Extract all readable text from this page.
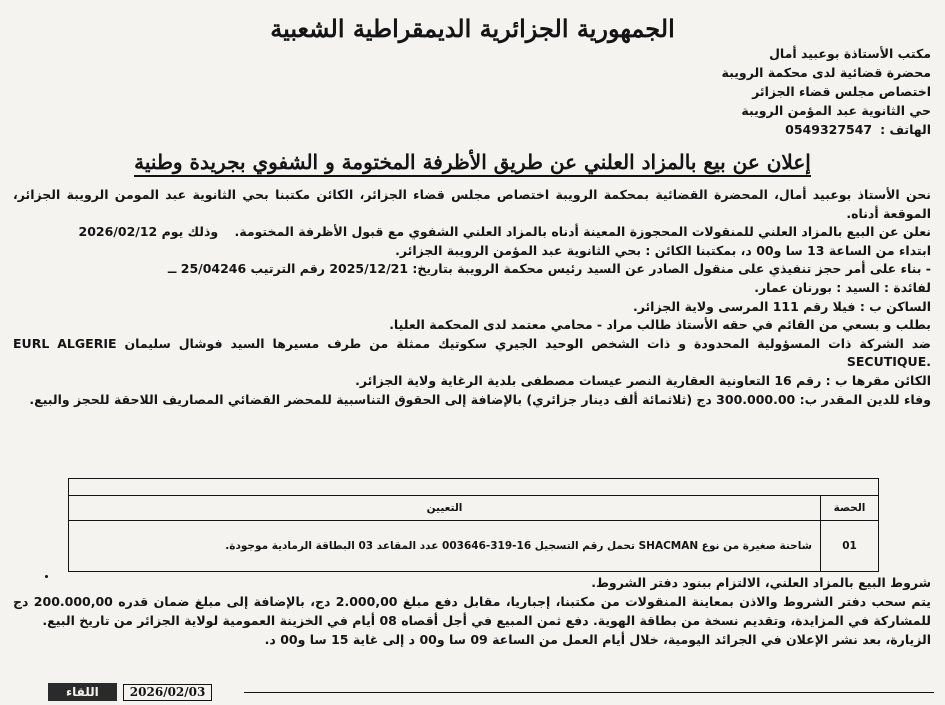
الجمهورية الجزائرية الديمقراطية الشعبية
مكتب الأستاذة بوعبيد أمال
محضرة قضائية لدى محكمة الرويبة
اختصاص مجلس قضاء الجزائر
حي الثانوية عبد المؤمن الرويبة
الهاتف :
0549327547
إعلان عن بيع بالمزاد العلني عن طريق الأظرفة المختومة و الشفوي بجريدة وطنية

نحن الأستاذ بوعبيد أمال، المحضرة القضائية بمحكمة الرويبة اختصاص مجلس قضاء الجزائر، الكائن مكتبنا بحي الثانوية عبد المومن الرويبة الجزائر، الموقعة أدناه.

نعلن عن البيع بالمزاد العلني للمنقولات المحجوزة المعينة أدناه بالمزاد العلني الشفوي مع قبول الأظرفة المختومة. وذلك يوم 2026/02/12

ابتداء من الساعة 13 سا و00 د، بمكتبنا الكائن : بحي الثانوية عبد المؤمن الرويبة الجزائر.

- بناء على أمر حجز تنفيذي على منقول الصادر عن السيد رئيس محكمة الرويبة بتاريخ: 2025/12/21 رقم الترتيب 25/04246 ــ

لفائدة : السيد : بورنان عمار.

الساكن ب : فيلا رقم 111 المرسى ولاية الجزائر.

بطلب و بسعي من القائم في حقه الأستاذ طالب مراد - محامي معتمد لدى المحكمة العليا.

ضد الشركة ذات المسؤولية المحدودة و ذات الشخص الوحيد الجيري سكوتيك ممثلة من طرف مسيرها السيد فوشال سليمان EURL ALGERIE SECUTIQUE.

الكائن مقرها ب : رقم 16 التعاونية العقارية النصر عيسات مصطفى بلدية الرغاية ولاية الجزائر.

وفاء للدين المقدر ب: 300.000.00 دج (ثلاثمائة ألف دينار جزائري) بالإضافة إلى الحقوق التناسبية للمحضر القضائي المصاريف اللاحقة للحجز والبيع.

الحصة	التعيين
01	شاحنة صغيرة من نوع SHACMAN تحمل رقم التسجيل 16-319-003646 عدد المقاعد 03 البطاقة الرمادية موجودة.

شروط البيع بالمزاد العلني، الالتزام ببنود دفتر الشروط.

يتم سحب دفتر الشروط والاذن بمعاينة المنقولات من مكتبنا، إجباريا، مقابل دفع مبلغ 2.000,00 دج، بالإضافة إلى مبلغ ضمان قدره 200.000,00 دج للمشاركة في المزايدة، وتقديم نسخة من بطاقة الهوية. دفع ثمن المبيع في أجل أقصاه 08 أيام في الخزينة العمومية لولاية الجزائر من تاريخ البيع.

الزيارة، بعد نشر الإعلان في الجرائد اليومية، خلال أيام العمل من الساعة 09 سا و00 د إلى غاية 15 سا و00 د.

اللقاء	2026/02/03
